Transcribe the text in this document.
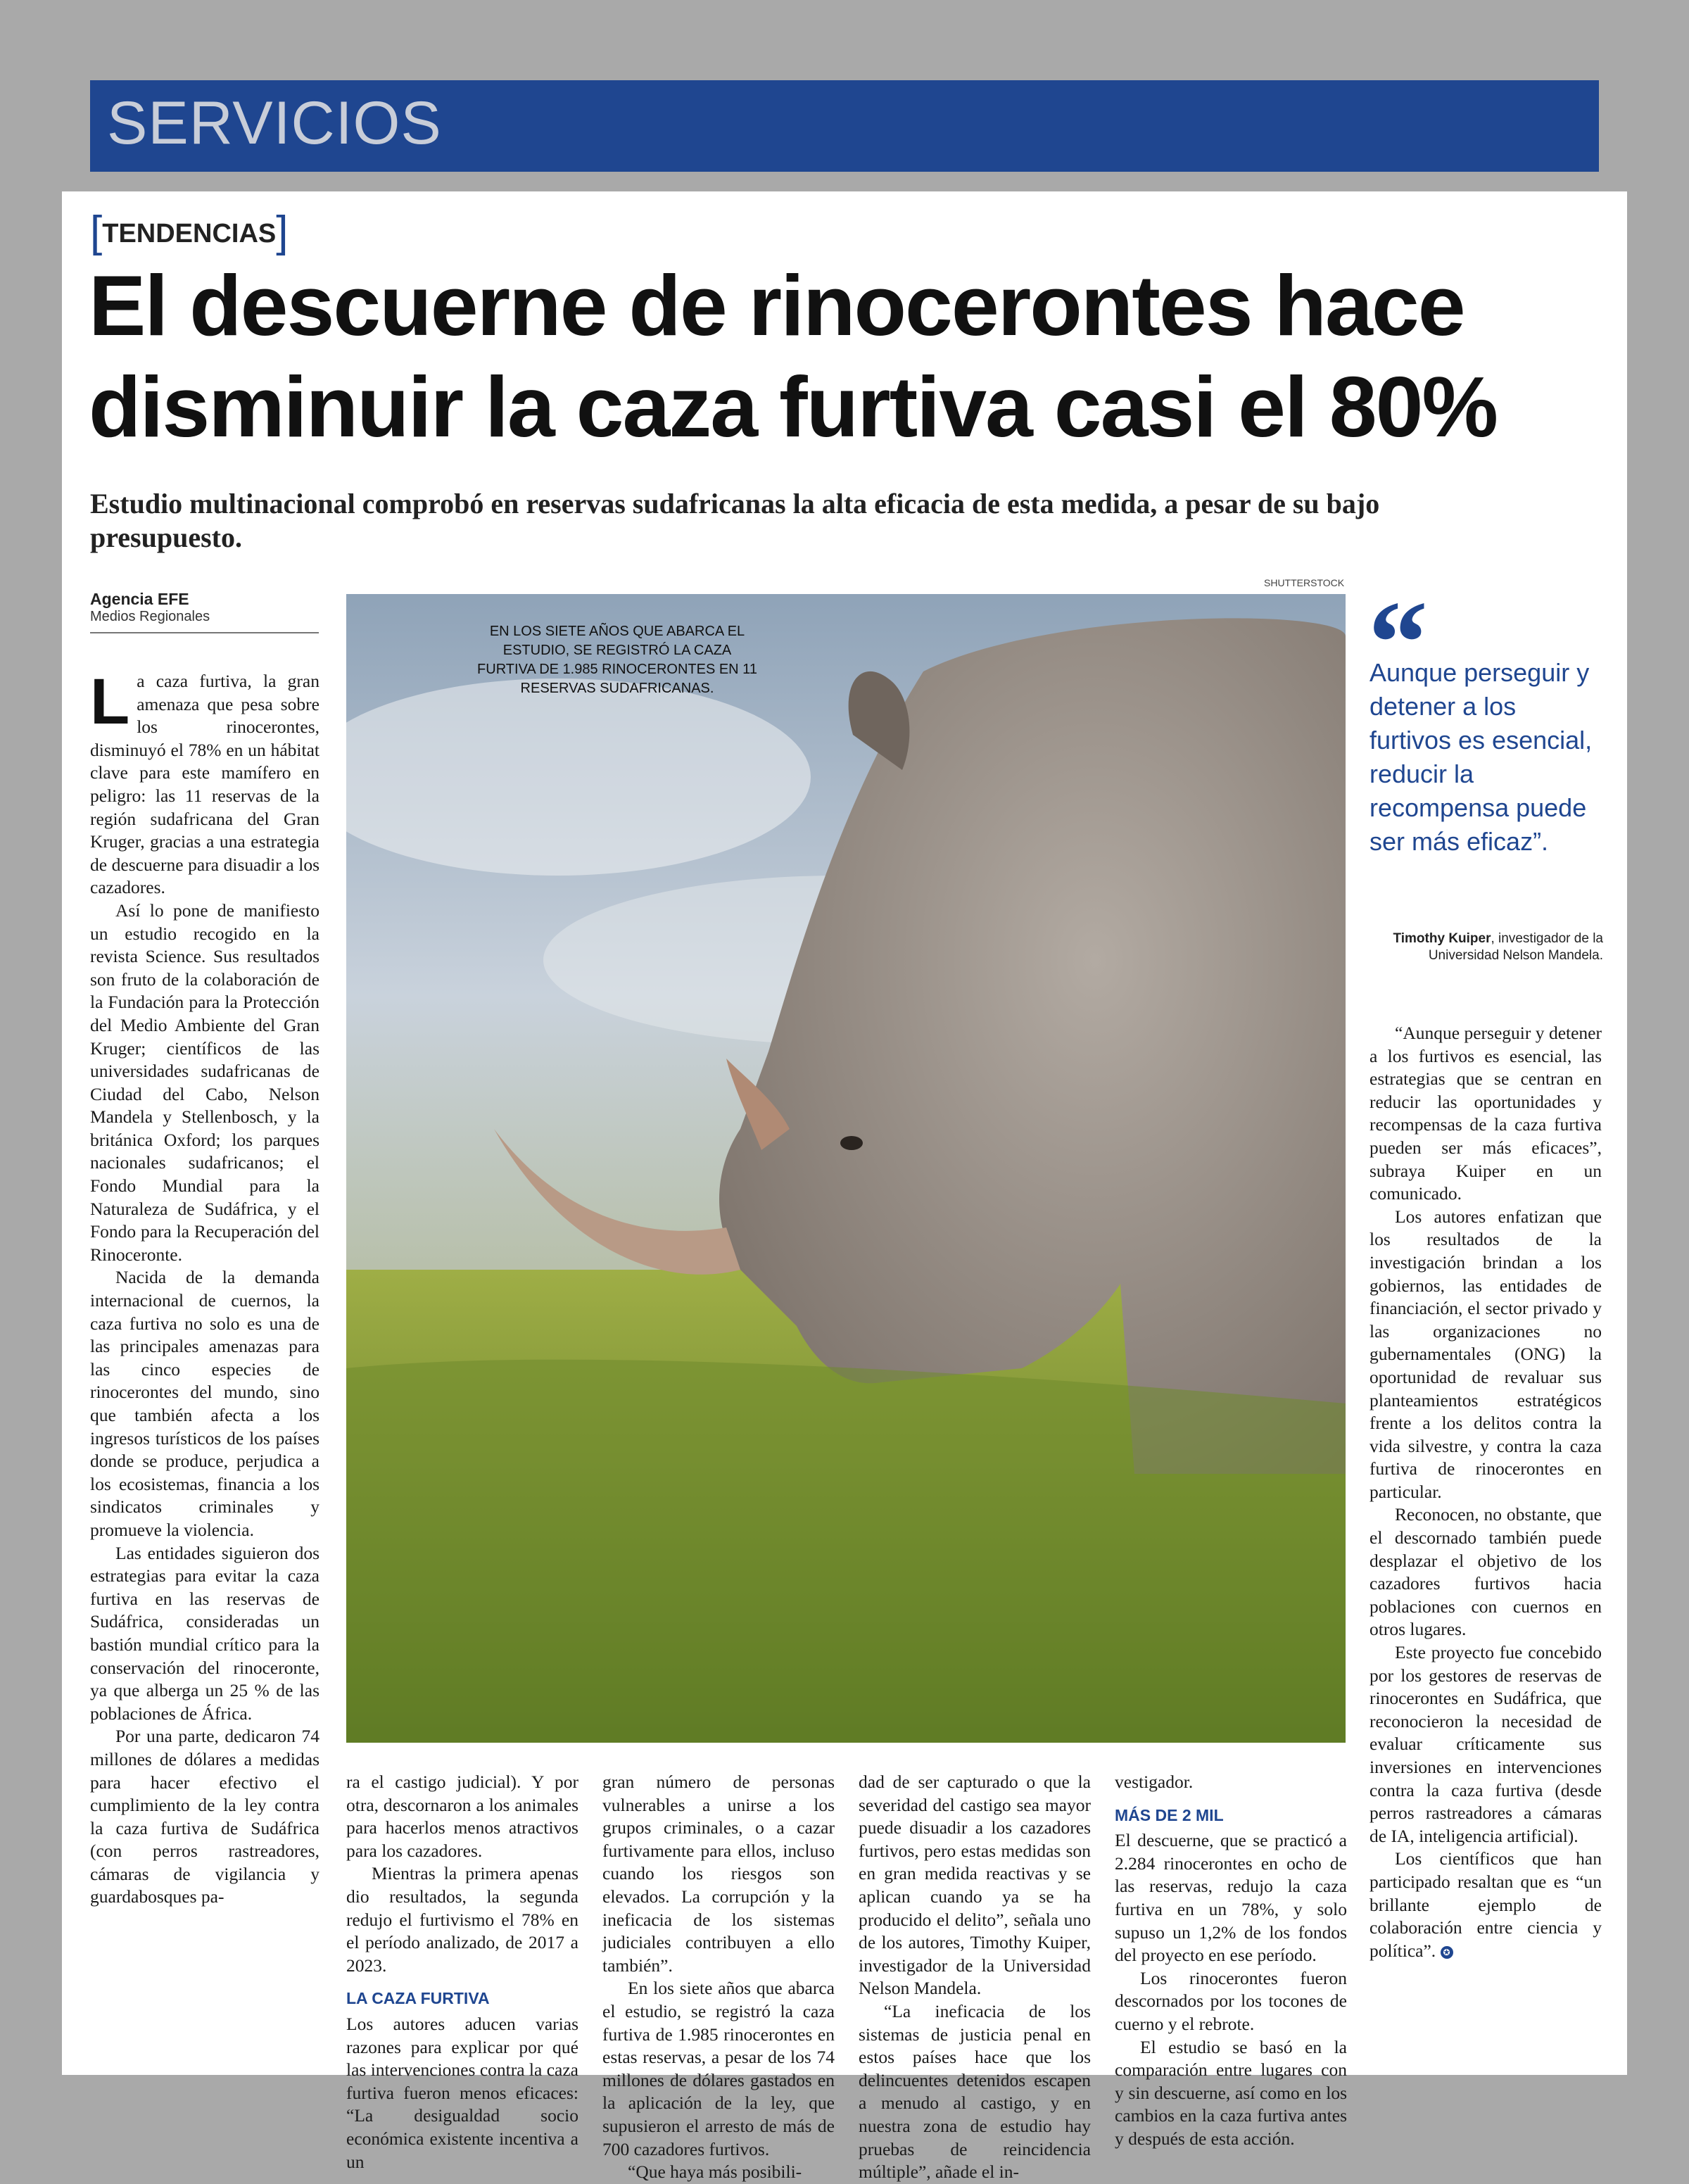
SERVICIOS
[TENDENCIAS]
El descuerne de rinocerontes hace disminuir la caza furtiva casi el 80%
Estudio multinacional comprobó en reservas sudafricanas la alta eficacia de esta medida, a pesar de su bajo presupuesto.
Agencia EFE
Medios Regionales
SHUTTERSTOCK
EN LOS SIETE AÑOS QUE ABARCA EL ESTUDIO, SE REGISTRÓ LA CAZA FURTIVA DE 1.985 RINOCERONTES EN 11 RESERVAS SUDAFRICANAS.	“
Aunque perseguir y detener a los furtivos es esencial, reducir la recompensa puede ser más eficaz”.
Timothy Kuiper, investigador de la Universidad Nelson Mandela.

La caza furtiva, la gran amenaza que pesa sobre los rinocerontes, disminuyó el 78% en un hábitat clave para este mamífero en peligro: las 11 reservas de la región sudafricana del Gran Kruger, gracias a una estrategia de descuerne para disuadir a los cazadores.

Así lo pone de manifiesto un estudio recogido en la revista Science. Sus resultados son fruto de la colaboración de la Fundación para la Protección del Medio Ambiente del Gran Kruger; científicos de las universidades sudafricanas de Ciudad del Cabo, Nelson Mandela y Stellenbosch, y la británica Oxford; los parques nacionales sudafricanos; el Fondo Mundial para la Naturaleza de Sudáfrica, y el Fondo para la Recuperación del Rinoceronte.

Nacida de la demanda internacional de cuernos, la caza furtiva no solo es una de las principales amenazas para las cinco especies de rinocerontes del mundo, sino que también afecta a los ingresos turísticos de los países donde se produce, perjudica a los ecosistemas, financia a los sindicatos criminales y promueve la violencia.

Las entidades siguieron dos estrategias para evitar la caza furtiva en las reservas de Sudáfrica, consideradas un bastión mundial crítico para la conservación del rinoceronte, ya que alberga un 25 % de las poblaciones de África.

Por una parte, dedicaron 74 millones de dólares a medidas para hacer efectivo el cumplimiento de la ley contra la caza furtiva de Sudáfrica (con perros rastreadores, cámaras de vigilancia y guardabosques pa-

ra el castigo judicial). Y por otra, descornaron a los animales para hacerlos menos atractivos para los cazadores.

Mientras la primera apenas dio resultados, la segunda redujo el furtivismo el 78% en el período analizado, de 2017 a 2023.

LA CAZA FURTIVA

Los autores aducen varias razones para explicar por qué las intervenciones contra la caza furtiva fueron menos eficaces: “La desigualdad socio económica existente incentiva a un

gran número de personas vulnerables a unirse a los grupos criminales, o a cazar furtivamente para ellos, incluso cuando los riesgos son elevados. La corrupción y la ineficacia de los sistemas judiciales contribuyen a ello también”.

En los siete años que abarca el estudio, se registró la caza furtiva de 1.985 rinocerontes en estas reservas, a pesar de los 74 millones de dólares gastados en la aplicación de la ley, que supusieron el arresto de más de 700 cazadores furtivos.

“Que haya más posibili-

dad de ser capturado o que la severidad del castigo sea mayor puede disuadir a los cazadores furtivos, pero estas medidas son en gran medida reactivas y se aplican cuando ya se ha producido el delito”, señala uno de los autores, Timothy Kuiper, investigador de la Universidad Nelson Mandela.

“La ineficacia de los sistemas de justicia penal en estos países hace que los delincuentes detenidos escapen a menudo al castigo, y en nuestra zona de estudio hay pruebas de reincidencia múltiple”, añade el in-

vestigador.

MÁS DE 2 MIL

El descuerne, que se practicó a 2.284 rinocerontes en ocho de las reservas, redujo la caza furtiva en un 78%, y solo supuso un 1,2% de los fondos del proyecto en ese período.

Los rinocerontes fueron descornados por los tocones de cuerno y el rebrote.

El estudio se basó en la comparación entre lugares con y sin descuerne, así como en los cambios en la caza furtiva antes y después de esta acción.

“Aunque perseguir y detener a los furtivos es esencial, las estrategias que se centran en reducir las oportunidades y recompensas de la caza furtiva pueden ser más eficaces”, subraya Kuiper en un comunicado.

Los autores enfatizan que los resultados de la investigación brindan a los gobiernos, las entidades de financiación, el sector privado y las organizaciones no gubernamentales (ONG) la oportunidad de revaluar sus planteamientos estratégicos frente a los delitos contra la vida silvestre, y contra la caza furtiva de rinocerontes en particular.

Reconocen, no obstante, que el descornado también puede desplazar el objetivo de los cazadores furtivos hacia poblaciones con cuernos en otros lugares.

Este proyecto fue concebido por los gestores de reservas de rinocerontes en Sudáfrica, que reconocieron la necesidad de evaluar críticamente sus inversiones en intervenciones contra la caza furtiva (desde perros rastreadores a cámaras de IA, inteligencia artificial).

Los científicos que han participado resaltan que es “un brillante ejemplo de colaboración entre ciencia y política”. ✪
